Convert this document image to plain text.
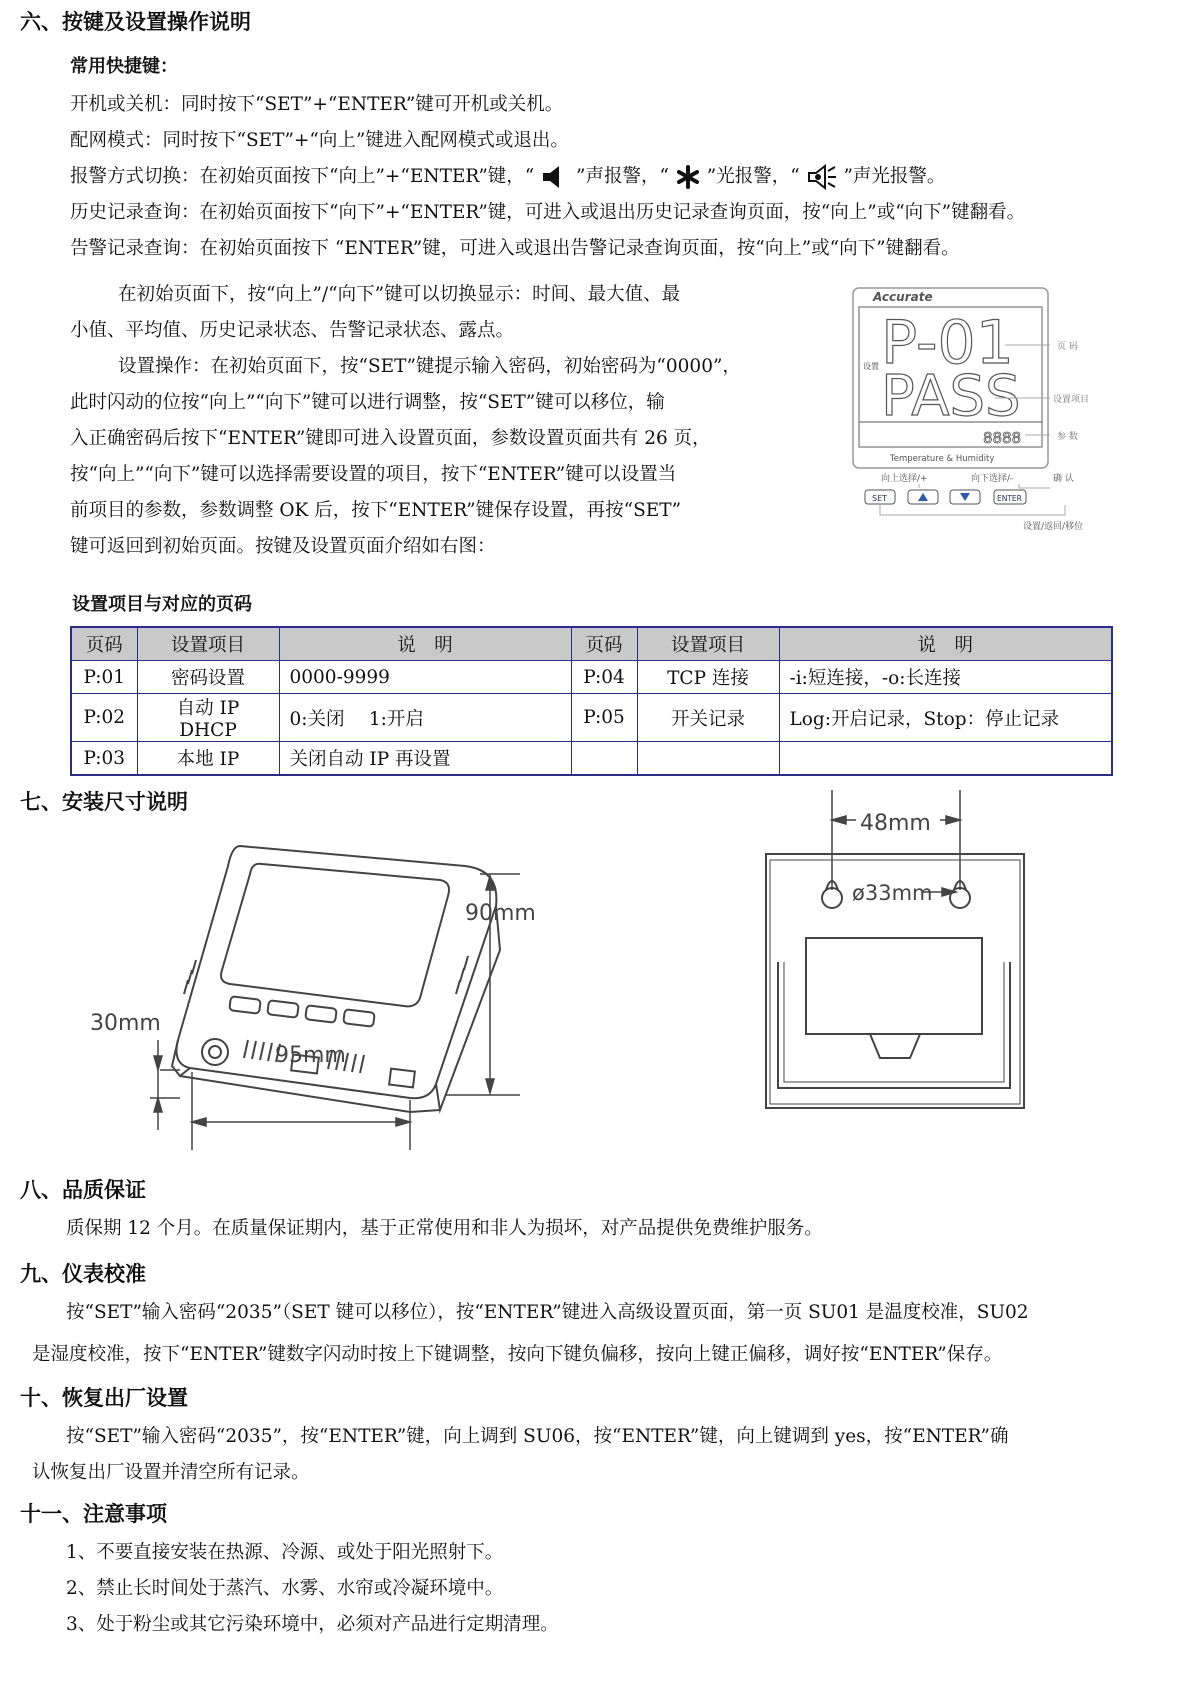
六、按键及设置操作说明
常用快捷键：
开机或关机：同时按下“SET”+“ENTER”键可开机或关机。
配网模式：同时按下“SET”+“向上”键进入配网模式或退出。
报警方式切换：在初始页面按下“向上”+“ENTER”键，“ ”声报警，“ ”光报警，“ ”声光报警。
历史记录查询：在初始页面按下“向下”+“ENTER”键，可进入或退出历史记录查询页面，按“向上”或“向下”键翻看。
告警记录查询：在初始页面按下 “ENTER”键，可进入或退出告警记录查询页面，按“向上”或“向下”键翻看。
在初始页面下，按“向上”/“向下”键可以切换显示：时间、最大值、最
小值、平均值、历史记录状态、告警记录状态、露点。
设置操作：在初始页面下，按“SET”键提示输入密码，初始密码为“0000”，
此时闪动的位按“向上”“向下”键可以进行调整，按“SET”键可以移位，输
入正确密码后按下“ENTER”键即可进入设置页面，参数设置页面共有 26 页，
按“向上”“向下”键可以选择需要设置的项目，按下“ENTER”键可以设置当
前项目的参数，参数调整 OK 后，按下“ENTER”键保存设置，再按“SET”
键可返回到初始页面。按键及设置页面介绍如右图：
Accurate
P-01
设置 PASS
8888
Temperature & Humidity
页 码
设置项目
参 数
向上选择/+	向下选择/-	确 认
SET	ENTER
设置/返回/移位
设置项目与对应的页码
页码	设置项目	说　明	页码	设置项目	说　明
P:01	密码设置	0000-9999	P:04	TCP 连接	-i:短连接，-o:长连接
P:02	自动 IP DHCP	0:关闭　 1:开启	P:05	开关记录	Log:开启记录，Stop：停止记录
P:03	本地 IP	关闭自动 IP 再设置			
七、安装尺寸说明
90mm
30mm
95mm
48mm
ø33mm
八、品质保证
质保期 12 个月。在质量保证期内，基于正常使用和非人为损坏，对产品提供免费维护服务。
九、仪表校准
按“SET”输入密码“2035”（SET 键可以移位），按“ENTER”键进入高级设置页面，第一页 SU01 是温度校准，SU02
是湿度校准，按下“ENTER”键数字闪动时按上下键调整，按向下键负偏移，按向上键正偏移，调好按“ENTER”保存。
十、恢复出厂设置
按“SET”输入密码“2035”，按“ENTER”键，向上调到 SU06，按“ENTER”键，向上键调到 yes，按“ENTER”确
认恢复出厂设置并清空所有记录。
十一、注意事项
1、不要直接安装在热源、冷源、或处于阳光照射下。
2、禁止长时间处于蒸汽、水雾、水帘或冷凝环境中。
3、处于粉尘或其它污染环境中，必须对产品进行定期清理。
